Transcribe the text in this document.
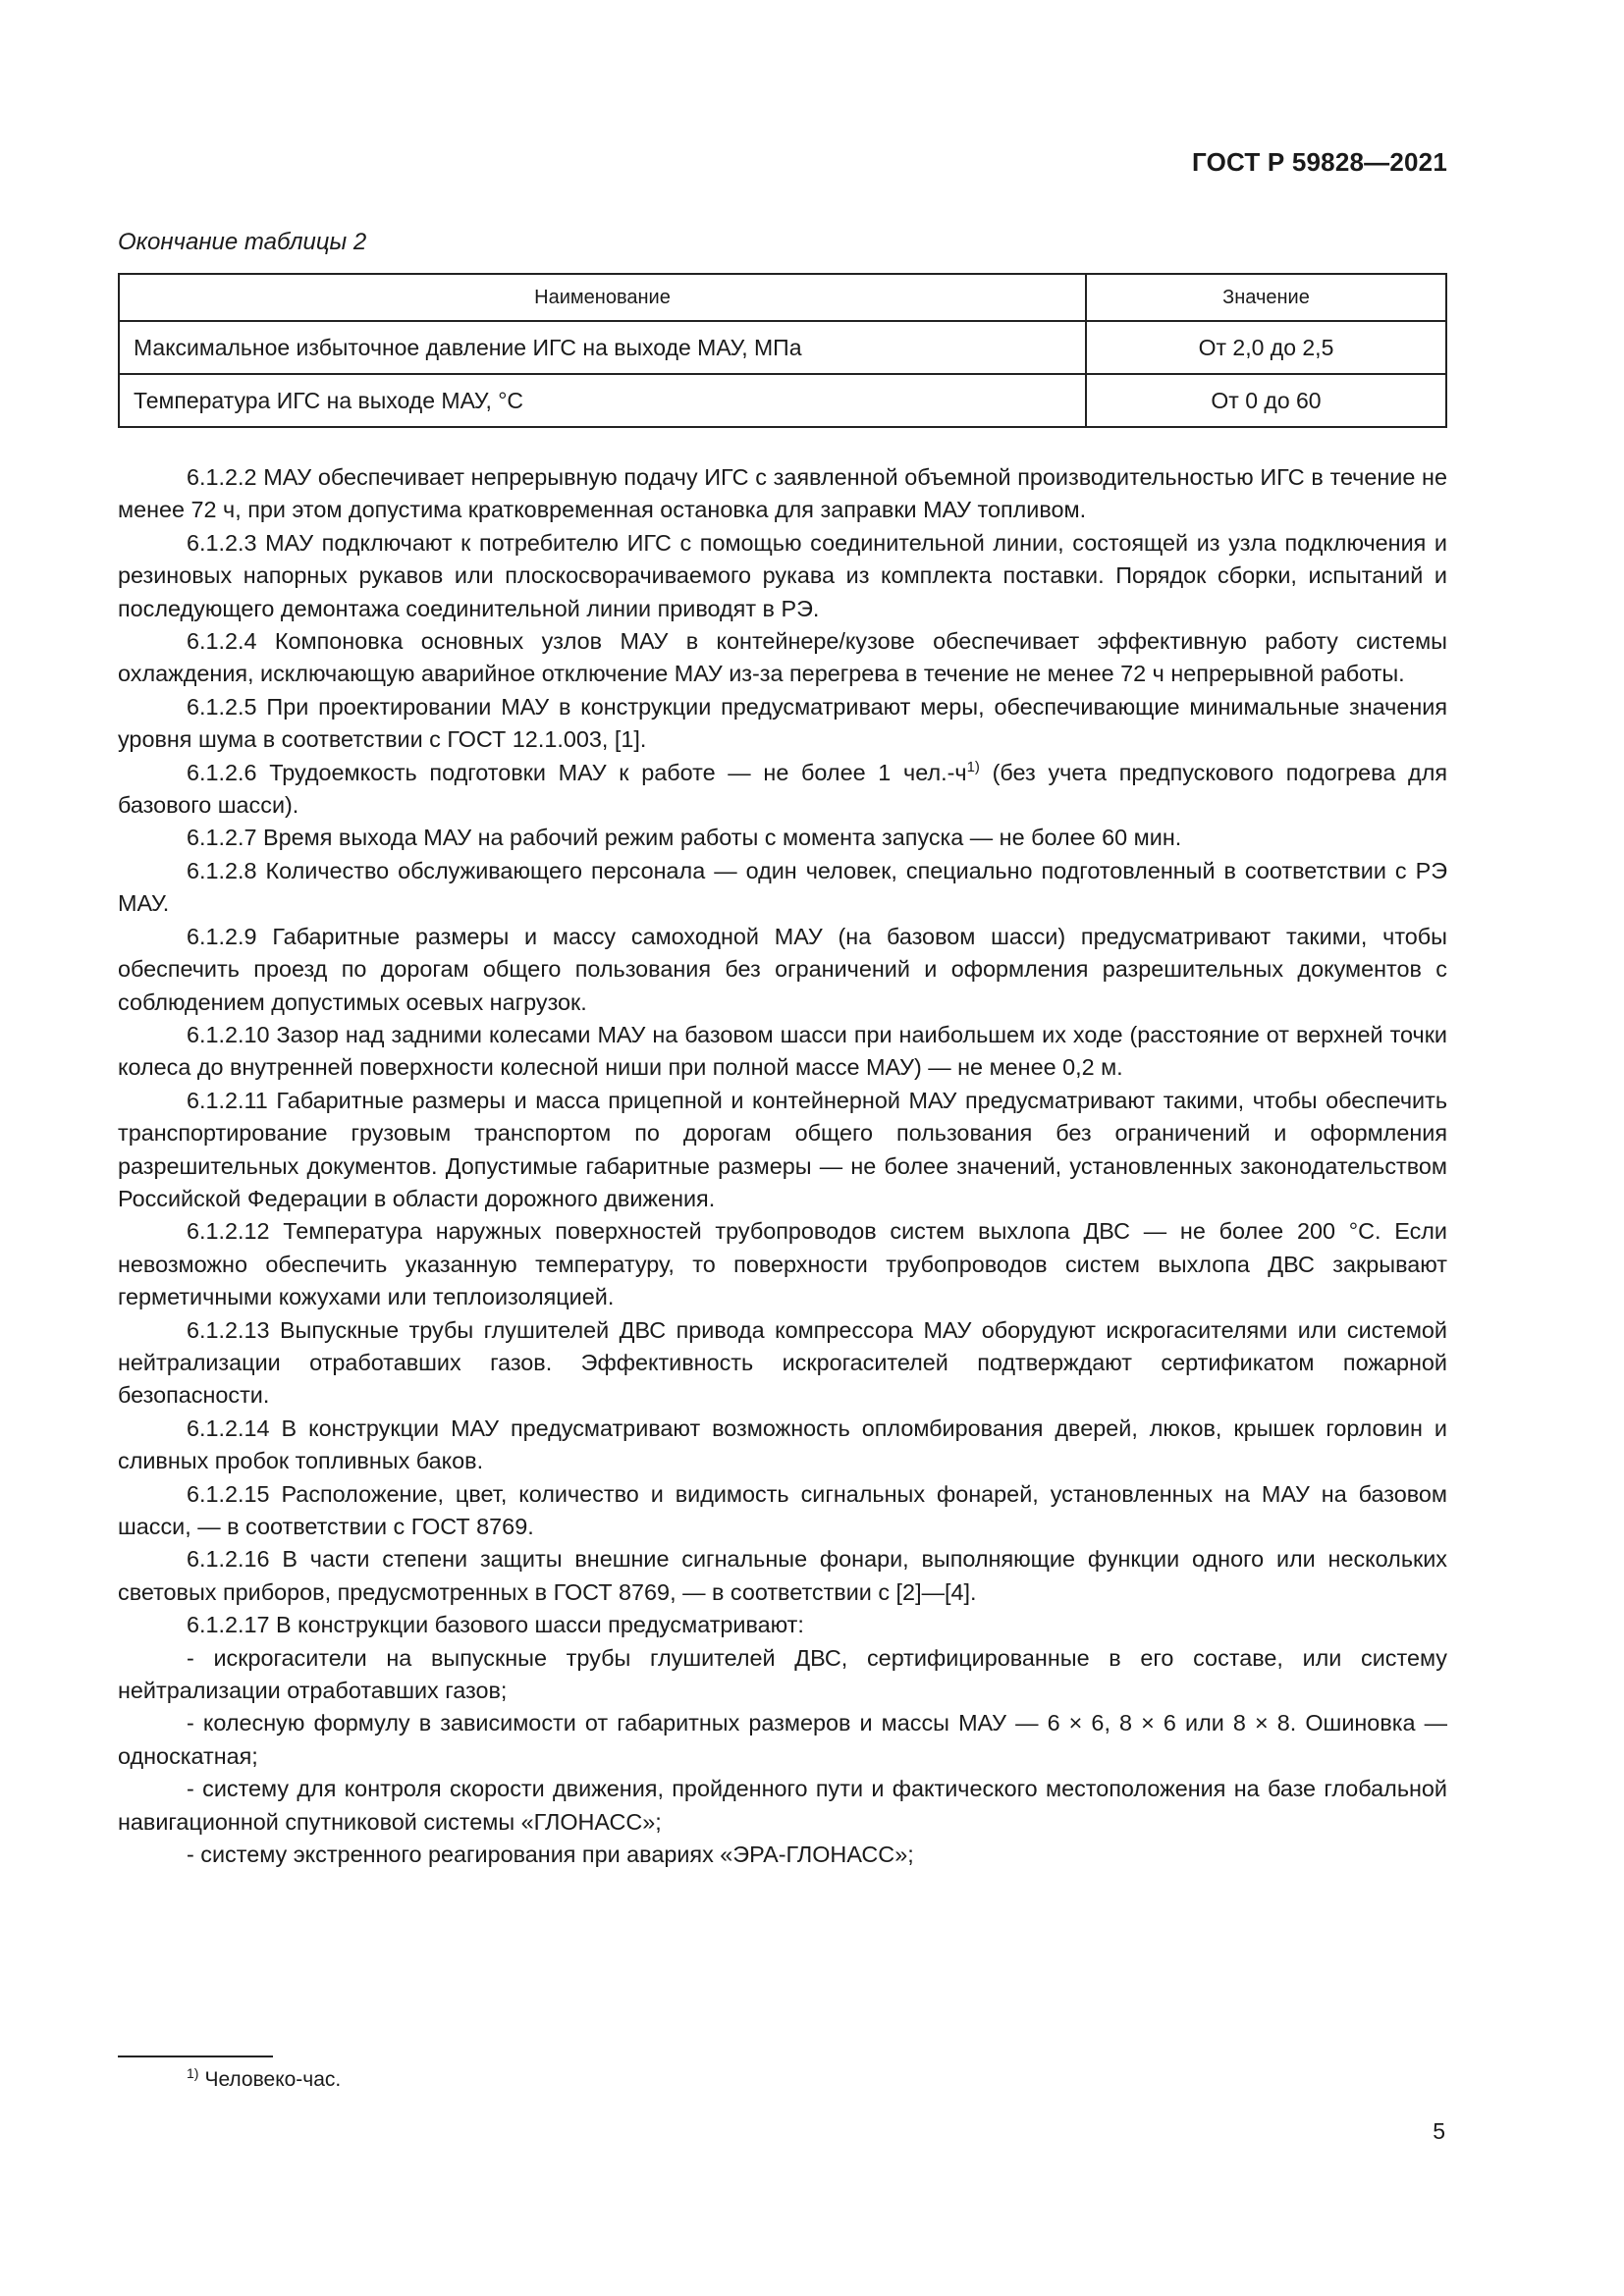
ГОСТ Р 59828—2021
Окончание таблицы 2
Наименование	Значение
Максимальное избыточное давление ИГС на выходе МАУ, МПа	От 2,0 до 2,5
Температура ИГС на выходе МАУ, °С	От 0 до 60

6.1.2.2 МАУ обеспечивает непрерывную подачу ИГС с заявленной объемной производительностью ИГС в течение не менее 72 ч, при этом допустима кратковременная остановка для заправки МАУ топливом.

6.1.2.3 МАУ подключают к потребителю ИГС с помощью соединительной линии, состоящей из узла подключения и резиновых напорных рукавов или плоскосворачиваемого рукава из комплекта поставки. Порядок сборки, испытаний и последующего демонтажа соединительной линии приводят в РЭ.

6.1.2.4 Компоновка основных узлов МАУ в контейнере/кузове обеспечивает эффективную работу системы охлаждения, исключающую аварийное отключение МАУ из-за перегрева в течение не менее 72 ч непрерывной работы.

6.1.2.5 При проектировании МАУ в конструкции предусматривают меры, обеспечивающие минимальные значения уровня шума в соответствии с ГОСТ 12.1.003, [1].

6.1.2.6 Трудоемкость подготовки МАУ к работе — не более 1 $чел.-ч^{1)}$ (без учета предпускового подогрева для базового шасси).

6.1.2.7 Время выхода МАУ на рабочий режим работы с момента запуска — не более 60 мин.

6.1.2.8 Количество обслуживающего персонала — один человек, специально подготовленный в соответствии с РЭ МАУ.

6.1.2.9 Габаритные размеры и массу самоходной МАУ (на базовом шасси) предусматривают такими, чтобы обеспечить проезд по дорогам общего пользования без ограничений и оформления разрешительных документов с соблюдением допустимых осевых нагрузок.

6.1.2.10 Зазор над задними колесами МАУ на базовом шасси при наибольшем их ходе (расстояние от верхней точки колеса до внутренней поверхности колесной ниши при полной массе МАУ) — не менее 0,2 м.

6.1.2.11 Габаритные размеры и масса прицепной и контейнерной МАУ предусматривают такими, чтобы обеспечить транспортирование грузовым транспортом по дорогам общего пользования без ограничений и оформления разрешительных документов. Допустимые габаритные размеры — не более значений, установленных законодательством Российской Федерации в области дорожного движения.

6.1.2.12 Температура наружных поверхностей трубопроводов систем выхлопа ДВС — не более 200 °С. Если невозможно обеспечить указанную температуру, то поверхности трубопроводов систем выхлопа ДВС закрывают герметичными кожухами или теплоизоляцией.

6.1.2.13 Выпускные трубы глушителей ДВС привода компрессора МАУ оборудуют искрогасителями или системой нейтрализации отработавших газов. Эффективность искрогасителей подтверждают сертификатом пожарной безопасности.

6.1.2.14 В конструкции МАУ предусматривают возможность опломбирования дверей, люков, крышек горловин и сливных пробок топливных баков.

6.1.2.15 Расположение, цвет, количество и видимость сигнальных фонарей, установленных на МАУ на базовом шасси, — в соответствии с ГОСТ 8769.

6.1.2.16 В части степени защиты внешние сигнальные фонари, выполняющие функции одного или нескольких световых приборов, предусмотренных в ГОСТ 8769, — в соответствии с [2]—[4].

6.1.2.17 В конструкции базового шасси предусматривают:

- искрогасители на выпускные трубы глушителей ДВС, сертифицированные в его составе, или систему нейтрализации отработавших газов;

- колесную формулу в зависимости от габаритных размеров и массы МАУ — 6 × 6, 8 × 6 или 8 × 8. Ошиновка — односкатная;

- систему для контроля скорости движения, пройденного пути и фактического местоположения на базе глобальной навигационной спутниковой системы «ГЛОНАСС»;

- систему экстренного реагирования при авариях «ЭРА-ГЛОНАСС»;

$^{1)}$ Человеко-час.
5
